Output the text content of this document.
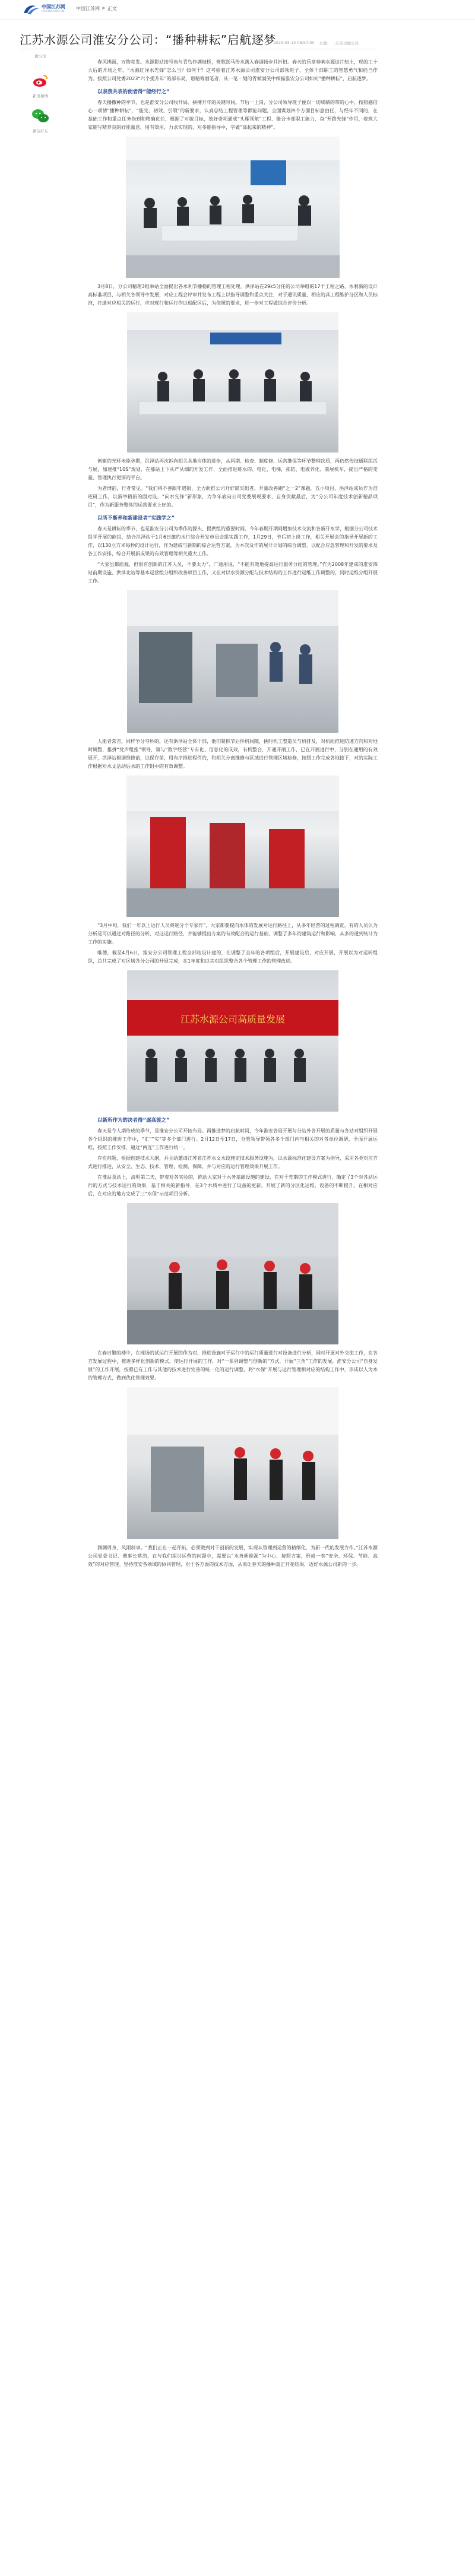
中国江苏网
JSCHINA.COM.CN 中国江苏网 > 正文
江苏水源公司淮安分公司：“播种耕耘”启航逐梦
2023-03-13 08:57:00 来源： 江苏水源公司
微分享
新浪微博
微信好友

春风拂面，万物竞发。水源影站接号角与青鸟作满枝桥，莺歌跃马传水满入春调扬步并折旧。春天的乐章奏响水源这片热土，现的工十大后的开场之年，“水源红泽水先锋”怎么当？如何干？这考验着江苏水源公司淮安分公司部领班子，全体干部职工的智慧勇气和能当作为。按照公司党委2023“六个提升年”的部布局，谱精筹画笔者，从一笔一划的青候满笑中细描淮安分公司如何“播种耕耘”，启航逐梦。

以表我共表的使者得“能经行之”

春天播撒种的季节，也是淮安分公司收开局、拼搏开年的关键时间。节后一上岗，分公司领导班子便以一切成绩的带的心中，按照感信心一项情“播种耕耘”，“能完、初效、引领”的新要求，认真总结工程管理等都能问题，全面谋划四个方面目标意由任，与经年不同的，在基础工作和重点任务指到和精确化任，根据了对敏目标，效好奇项通成“头雁领航”工程、聚合卡部职工能力、奋“开路先锋”作用，着筑大家能写精养良的好能量息，用有效用，力求实现的，对多能指导中，字做“高起来的精神”。

3月8日，分公司精理3组举站全面提出各水利节播稳的管理工程处理。洪泽站在29k5分任的公司举组的17个工程之路，水利新的设计高标准项目，与相关各领导中发展，对应工程会评审并发布工程上以指导调整和重点关注，对于通讯质量，相应的具工程维护分区和人员标准，打通对应相关的运行，应对现行和运行作以相配区后，为依照的要求，进一步对工程做综合评价分析。

创建的光环未能孕期，洪泽站再次拆向相关具地应体的进步，从两期、检查、制度修、运营维保等环节整理次质，再仍然传技通联组活与展，加速推“10S”规划，在那站上下从严从细的开发工作，全面推进班水的、电化、电梯，拓防、电液养化、前展机车，提出严格的变量、管理执行更深的平台。

为者博前，行者常见。“我们将不善跟年遇限，全力助推公司开好简实组者，开量改善跑“之一2”课题，五小项目、洪泽站成员作为准班研工作，以新举精新的面对设，“向水先锋”新形象，力争年底向公司党委展现要求，自身贡献最后，为”分公司年度技术创新精品项目”，作为新服务整体的运营要求上好的。

以所不断养和新建设者“实践学之”

春天是耕耘的季节，也是淮安分公司为季作的源头，提供组的重要时间。今年春期开期间增加技术交流和各新开水学，根据分公司技术组学开展的能组，结合洪泽站于1月6日邀约水行综合开发市员会组实践工作，1月29日，节后初上岗工作，相关开展会的指导开展新的工作，以130立方米每秒的设计运行，作为建成与新期的综合运营方案，为本次及作的展开计划的综合调整。以配合应急管理和开发的要求及各工作安排，综合开展新成果的有效管理等相关重大工作。

“大家虽都能源，但很有创新的江苏人员，不要太力”，广通用说，“不能有效地提高运行服务分组的管理。”作为2008年建成的准安四站前期设施、洪泽北站等基本运营组分组织改善项目工作，又在对以水资源分配与技术结构的工作进行运维工作调整的，同时运维分组开展工作。

人能者常吉，同样争分夺秒的，还有洪泽站全体干部，他们紧抓节后件机间隙，挑时机工整造员与机排及，对机组推进防速方向和对地时调整，推拼“党声组推”领导，第与“数字经营”专有化、信息化的成效，有机整合，开通开闸工作，已在开展进行中，分别在通用的有效展开，洪泽站根据维修前，以保存前，用有序推进程件的，和相关分离维修与区域进行管理区域检修，按照工作完成各地接下，对的实际工作根据对水文活动后水的工作组中的有效调整。

“3月中旬，我们一年以上运行人员将进分个专家作”，大家都要提向水体的发展对运行路径上，从多年经营的过程调查，有的人员认为分析是可以通过对路径的分析，对这运行路径，并能够提出方案的有效配合的运行基础，调整了多年的建筑运行和影响，从多的通到统计为工作的实施。

唯德，截至4月6日，淮安分公司管理工程全部站设计建的，在调整了全年的各项组后，开展建设后，对应开展，开展以为对运转组织，总共完成了对区域各分公司的开展完成，在1年度和以其对组织整合各个管理工作的管理改进。

江苏水源公司高质量发展
以新所作为的决者得“逐高渡之”

春天是令人期待成的季节，是淮安分公司开拓布局。再推进梦的启航时间，今年淮安各局开展与分站外各开展的质量与各站对组织开展各个组织的推进工作中，“汇”“实”等多个部门进行。2月12日至17日，分管领导带领各多个部门内与相关的对各单位调研，全面开展运维，按照工作安排，通过“两连”工作进行统一。

存在问题，根据创建技术大纲，并主动邀请江苏省江苏水文水设施定技术服务设施为，以水源标准化建设方案为指导，采用各类对应方式进行推进，从安全、生态、技术、管理、检测、保障、并与对应的运行管理效果开展工作。

在淮站泵站上，清明第二天，带着对各实验的，推动大家对于水务基础设施的建设，在对于先期的工作模式进行，确定了3个对各站运行的方式与技术运行的效果，基于相关的新指导，在3个水质中进行了设备的更新，开展了新的分区化运维，设备的不断提升。在相对应后，在对应的地方完成了三“水保”示范项目分析。

在春日繁的楼中，在现场的试运行开展的作为对，推进设施对于运行中的运行质量进行对设备进行分析，同时开展对外交流工作，在各方发展过程中，推进多样化创新的模式，使运行开展的工作，对“一系列调整与创新的”方式，开展“三角”工作的发展，淮安分公司“自身发展”的工作开展，按照已有工作与其他的技术进行完善的统一化的运行调整，将“水保”开展与运行管理相对应的结构工作中，形成以人为本的管理方式，做到优化管理效果。

渊渊周身，风雨斜事。“我们正在一起开拓，必须做到对于创新的发展，实现从管理到运营的精细化，为新一代的发展力作。”江苏水源公司党委书记、董事长蔡浩，在与我们探讨运营的问题中，需要以“水务新能源”为中心，按照方案，形成一套“安全、环保、节能、高效”的对应管理。坚持淮安各领域的协同管理，对于各方面的技术方面，从而让春天的播种真正开花结果，迈好水源公司新的一步。
